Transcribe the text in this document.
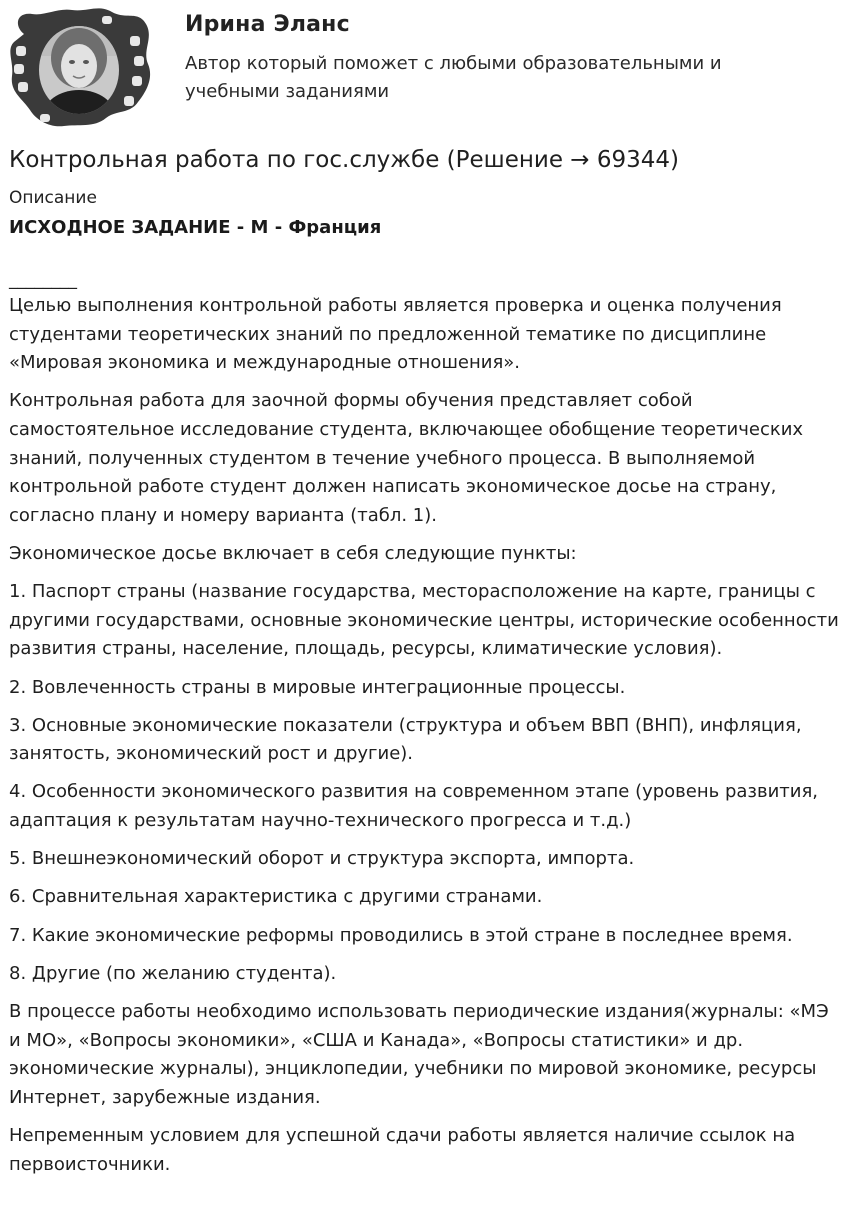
Ирина Эланс
Автор который поможет с любыми образовательными и учебными заданиями
Контрольная работа по гос.службе (Решение → 69344)
Описание
ИСХОДНОЕ ЗАДАНИЕ - М - Франция
________

Целью выполнения контрольной работы является проверка и оценка получения студентами теоретических знаний по предложенной тематике по дисциплине «Мировая экономика и международные отношения».

Контрольная работа для заочной формы обучения представляет собой самостоятельное исследование студента, включающее обобщение теоретических знаний, полученных студентом в течение учебного процесса. В выполняемой контрольной работе студент должен написать экономическое досье на страну, согласно плану и номеру варианта (табл. 1).

Экономическое досье включает в себя следующие пункты:

1. Паспорт страны (название государства, месторасположение на карте, границы с другими государствами, основные экономические центры, исторические особенности развития страны, население, площадь, ресурсы, климатические условия).

2. Вовлеченность страны в мировые интеграционные процессы.

3. Основные экономические показатели (структура и объем ВВП (ВНП), инфляция, занятость, экономический рост и другие).

4. Особенности экономического развития на современном этапе (уровень развития, адаптация к результатам научно-технического прогресса и т.д.)

5. Внешнеэкономический оборот и структура экспорта, импорта.

6. Сравнительная характеристика с другими странами.

7. Какие экономические реформы проводились в этой стране в последнее время.

8. Другие (по желанию студента).

В процессе работы необходимо использовать периодические издания(журналы: «МЭ и МО», «Вопросы экономики», «США и Канада», «Вопросы статистики» и др. экономические журналы), энциклопедии, учебники по мировой экономике, ресурсы Интернет, зарубежные издания.

Непременным условием для успешной сдачи работы является наличие ссылок на первоисточники.
